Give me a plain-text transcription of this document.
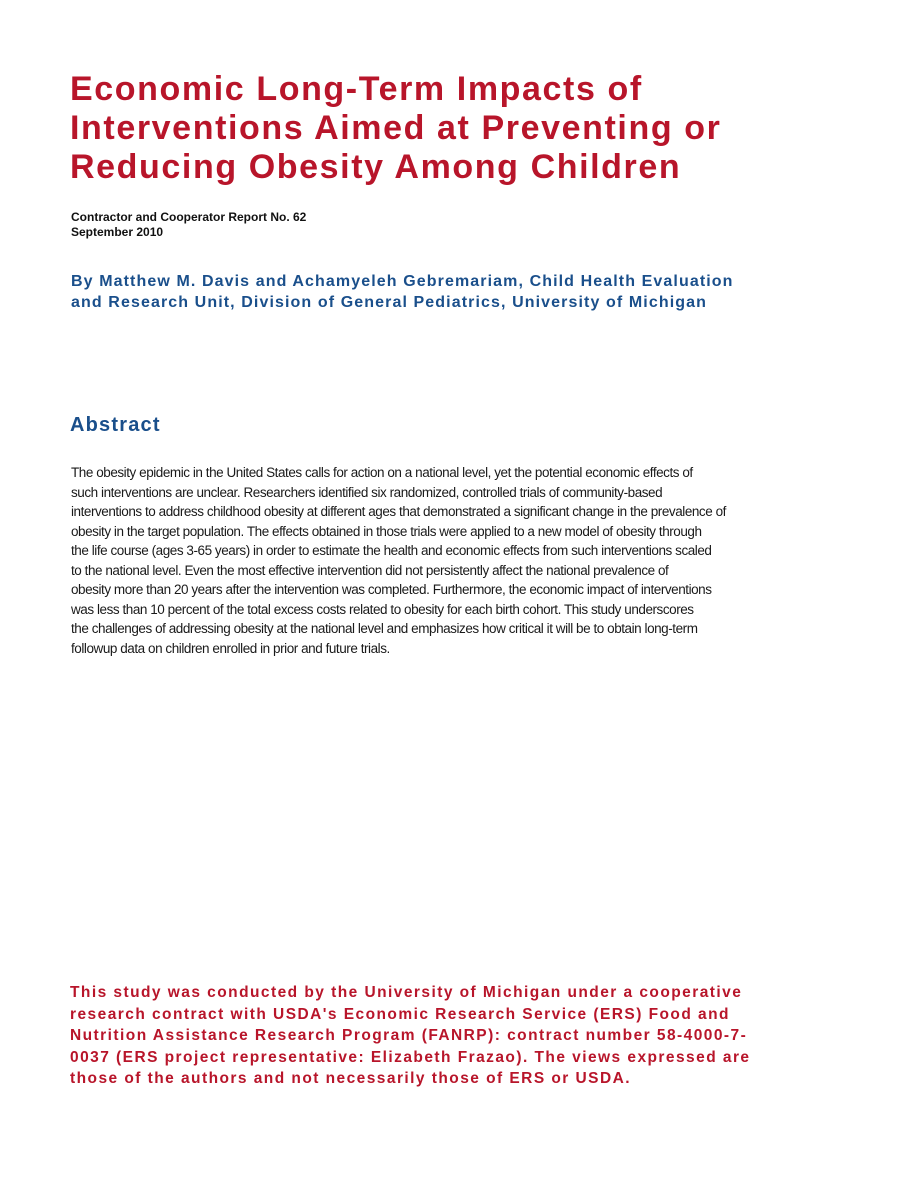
Economic Long-Term Impacts of
Interventions Aimed at Preventing or
Reducing Obesity Among Children
Contractor and Cooperator Report No. 62
September 2010
By Matthew M. Davis and Achamyeleh Gebremariam, Child Health Evaluation
and Research Unit, Division of General Pediatrics, University of Michigan
Abstract
The obesity epidemic in the United States calls for action on a national level, yet the potential economic effects of
such interventions are unclear. Researchers identified six randomized, controlled trials of community-based
interventions to address childhood obesity at different ages that demonstrated a significant change in the prevalence of
obesity in the target population. The effects obtained in those trials were applied to a new model of obesity through
the life course (ages 3-65 years) in order to estimate the health and economic effects from such interventions scaled
to the national level. Even the most effective intervention did not persistently affect the national prevalence of
obesity more than 20 years after the intervention was completed. Furthermore, the economic impact of interventions
was less than 10 percent of the total excess costs related to obesity for each birth cohort. This study underscores
the challenges of addressing obesity at the national level and emphasizes how critical it will be to obtain long-term
followup data on children enrolled in prior and future trials.
This study was conducted by the University of Michigan under a cooperative
research contract with USDA's Economic Research Service (ERS) Food and
Nutrition Assistance Research Program (FANRP): contract number 58-4000-7-
0037 (ERS project representative: Elizabeth Frazao). The views expressed are
those of the authors and not necessarily those of ERS or USDA.
